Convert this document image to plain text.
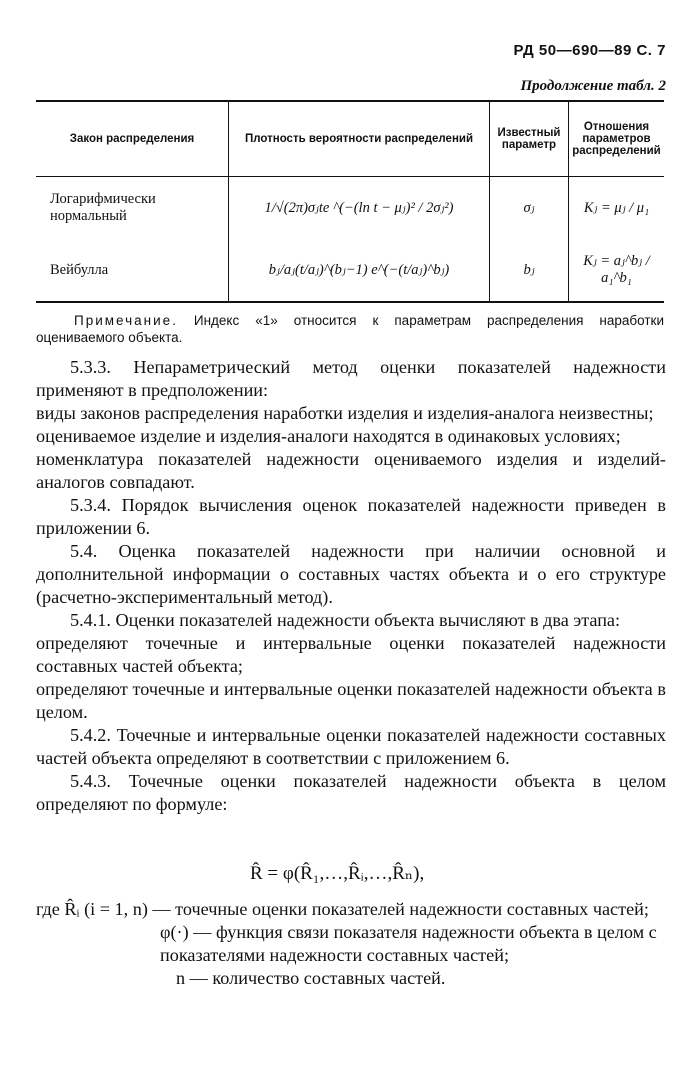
РД 50—690—89 С. 7
Продолжение табл. 2
Закон распределения	Плотность вероятности распределений	Известный параметр	Отношения параметров распределений
Логарифмически нормальный	1/√(2π)σⱼte ^(−(ln t − μⱼ)² / 2σⱼ²)	σⱼ	Kⱼ = μⱼ / μ₁
Вейбулла	bⱼ/aⱼ(t/aⱼ)^(bⱼ−1) e^(−(t/aⱼ)^bⱼ)	bⱼ	Kⱼ = aⱼ^bⱼ / a₁^b₁
Примечание. Индекс «1» относится к параметрам распределения наработки оцениваемого объекта.

5.3.3. Непараметрический метод оценки показателей надежности применяют в предположении:

виды законов распределения наработки изделия и изделия-аналога неизвестны;

оцениваемое изделие и изделия-аналоги находятся в одинаковых условиях;

номенклатура показателей надежности оцениваемого изделия и изделий-аналогов совпадают.

5.3.4. Порядок вычисления оценок показателей надежности приведен в приложении 6.

5.4. Оценка показателей надежности при наличии основной и дополнительной информации о составных частях объекта и о его структуре (расчетно-экспериментальный метод).

5.4.1. Оценки показателей надежности объекта вычисляют в два этапа:

определяют точечные и интервальные оценки показателей надежности составных частей объекта;

определяют точечные и интервальные оценки показателей надежности объекта в целом.

5.4.2. Точечные и интервальные оценки показателей надежности составных частей объекта определяют в соответствии с приложением 6.

5.4.3. Точечные оценки показателей надежности объекта в целом определяют по формуле:

R̂ = φ(R̂₁,…,R̂ᵢ,…,R̂ₙ),

где R̂ᵢ (i = 1, n) — точечные оценки показателей надежности составных частей;

φ(·) — функция связи показателя надежности объекта в целом с показателями надежности составных частей;

n — количество составных частей.
